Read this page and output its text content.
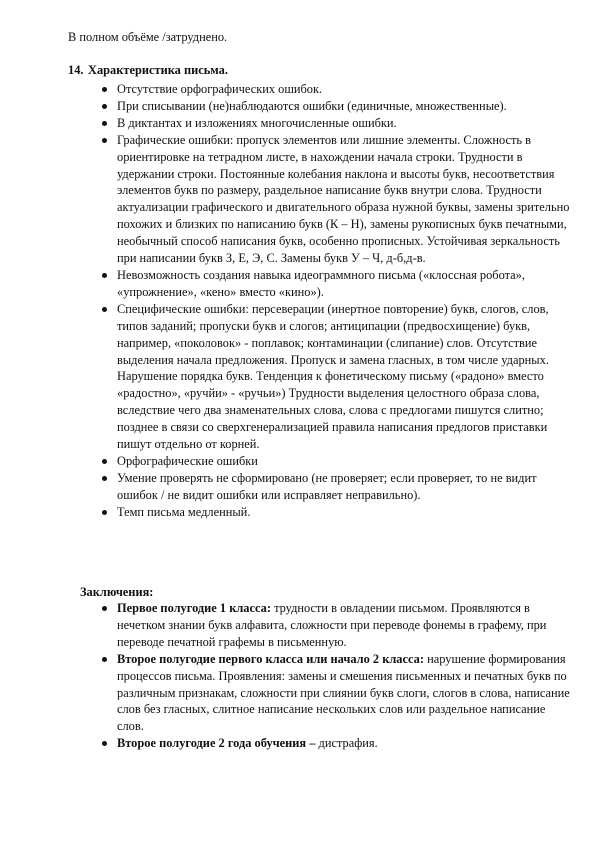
В полном объёме /затруднено.
14. Характеристика письма.
Отсутствие орфографических ошибок.
При списывании (не)наблюдаются ошибки (единичные, множественные).
В диктантах и изложениях многочисленные ошибки.
Графические ошибки: пропуск элементов или лишние элементы. Сложность в ориентировке на тетрадном листе, в нахождении начала строки. Трудности в удержании строки. Постоянные колебания наклона и высоты букв, несоответствия элементов букв по размеру, раздельное написание букв внутри слова. Трудности актуализации графического и двигательного образа нужной буквы, замены зрительно похожих и близких по написанию букв (К – Н), замены рукописных букв печатными, необычный способ написания букв, особенно прописных. Устойчивая зеркальность при написании букв З, Е, Э, С. Замены букв У – Ч, д-б,д-в.
Невозможность создания навыка идеограммного письма («клоссная робота», «упрожнение», «кено» вместо «кино»).
Специфические ошибки: персеверации (инертное повторение) букв, слогов, слов, типов заданий; пропуски букв и слогов; антиципации (предвосхищение) букв, например, «поколовок» - поплавок; контаминации (слипание) слов. Отсутствие выделения начала предложения. Пропуск и замена гласных, в том числе ударных. Нарушение порядка букв. Тенденция к фонетическому письму («радоно» вместо «радостно», «ручйи» - «ручьи») Трудности выделения целостного образа слова, вследствие чего два знаменательных слова, слова с предлогами пишутся слитно; позднее в связи со сверхгенерализацией правила написания предлогов приставки пишут отдельно от корней.
Орфографические ошибки
Умение проверять не сформировано (не проверяет; если проверяет, то не видит ошибок / не видит ошибки или исправляет неправильно).
Темп письма медленный.
Заключения:
Первое полугодие 1 класса: трудности в овладении письмом. Проявляются в нечетком знании букв алфавита, сложности при переводе фонемы в графему, при переводе печатной графемы в письменную.
Второе полугодие первого класса или начало 2 класса: нарушение формирования процессов письма. Проявления: замены и смешения письменных и печатных букв по различным признакам, сложности при слиянии букв слоги, слогов в слова, написание слов без гласных, слитное написание нескольких слов или раздельное написание слов.
Второе полугодие 2 года обучения – дистрафия.
